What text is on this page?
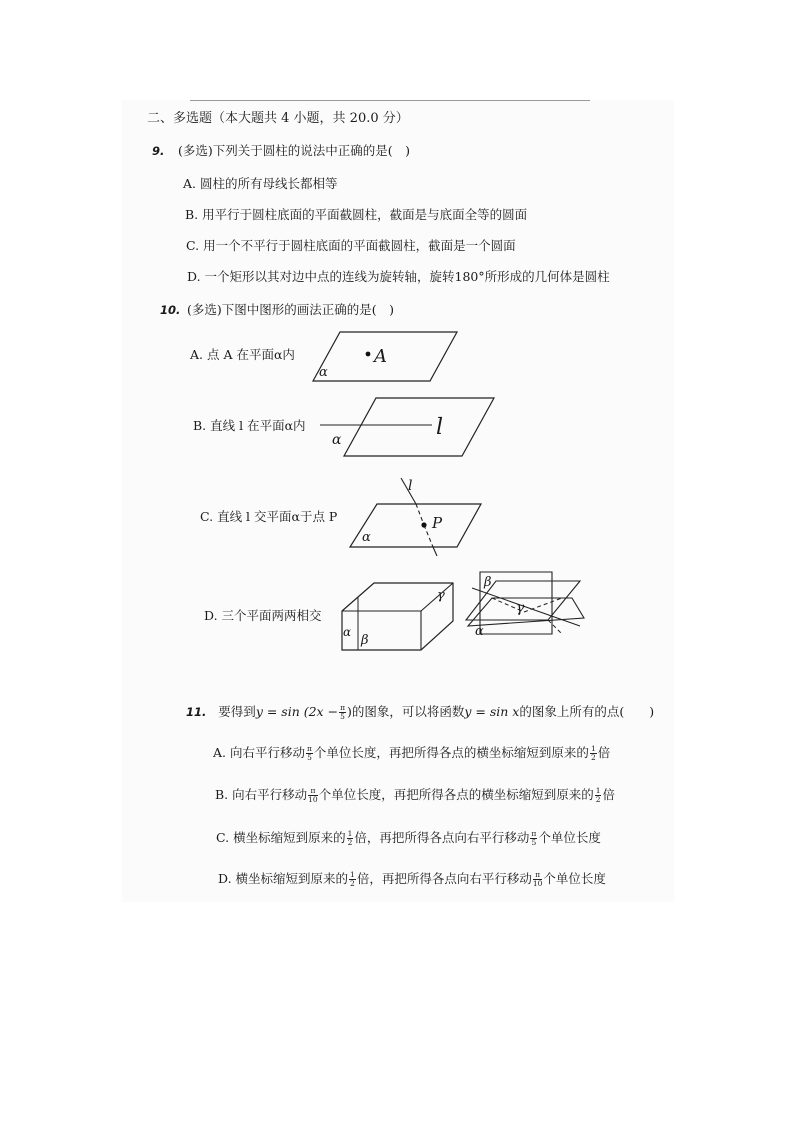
二、多选题（本大题共 4 小题，共 20.0 分）
9. (多选)下列关于圆柱的说法中正确的是(　)
A. 圆柱的所有母线长都相等
B. 用平行于圆柱底面的平面截圆柱，截面是与底面全等的圆面
C. 用一个不平行于圆柱底面的平面截圆柱，截面是一个圆面
D. 一个矩形以其对边中点的连线为旋转轴，旋转180°所形成的几何体是圆柱
10. (多选)下图中图形的画法正确的是(　)
A. 点 A 在平面α内
B. 直线 l 在平面α内
C. 直线 l 交平面α于点 P
D. 三个平面两两相交
A
α
l
α
l
P
α
γ
α
β
β
γ
α
11. 要得到$y = \sin (2x - \frac{\pi}{5}$ )的图象，可以将函数y = sin x的图象上所有的点(　　)
A. 向右平行移动 $\frac{\pi}{5}$ 个单位长度，再把所得各点的横坐标缩短到原来的 $\frac{1}{2}$ 倍
B. 向右平行移动 $\frac{\pi}{10}$ 个单位长度，再把所得各点的横坐标缩短到原来的 $\frac{1}{2}$ 倍
C. 横坐标缩短到原来的 $\frac{1}{2}$ 倍，再把所得各点向右平行移动 $\frac{\pi}{5}$ 个单位长度
D. 横坐标缩短到原来的 $\frac{1}{2}$ 倍，再把所得各点向右平行移动 $\frac{\pi}{10}$ 个单位长度
